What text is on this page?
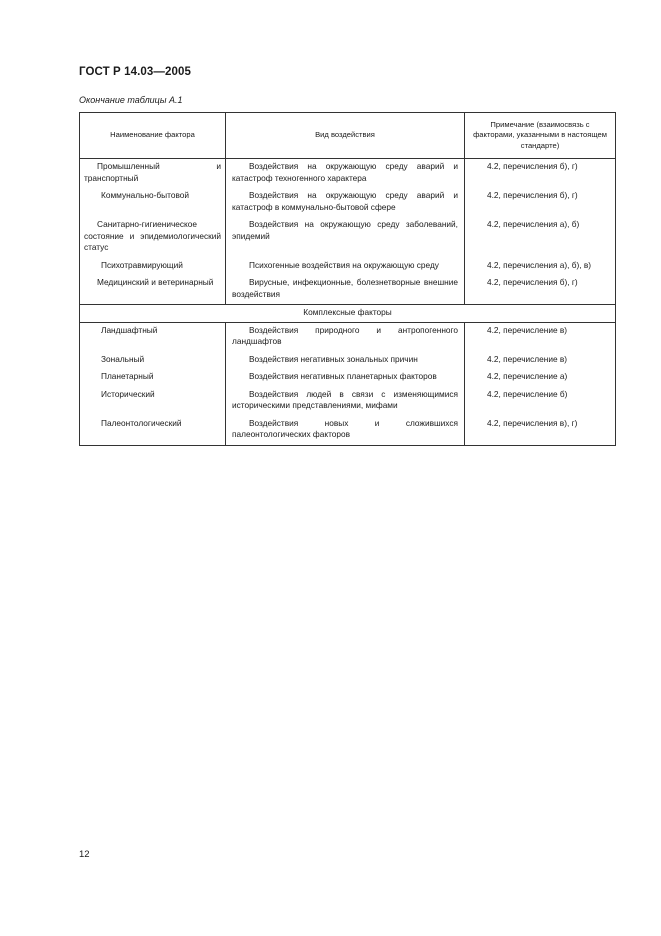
ГОСТ Р 14.03—2005
Окончание таблицы А.1
Наименование фактора	Вид воздействия	Примечание (взаимосвязь с факторами, указанными в настоящем стандарте)

Промышленный и транспортный	Воздействия на окружающую среду аварий и катастроф техногенного характера	4.2, перечисления б), г)

Коммунально-бытовой	Воздействия на окружающую среду аварий и катастроф в коммунально-бытовой сфере	4.2, перечисления б), г)

Санитарно-гигиеническое состояние и эпидемиологический статус	Воздействия на окружающую среду заболеваний, эпидемий	4.2, перечисления а), б)

Психотравмирующий	Психогенные воздействия на окружающую среду	4.2, перечисления а), б), в)

Медицинский и ветеринарный	Вирусные, инфекционные, болезнетворные внешние воздействия	4.2, перечисления б), г)

Комплексные факторы		

Ландшафтный	Воздействия природного и антропогенного ландшафтов	4.2, перечисление в)

Зональный	Воздействия негативных зональных причин	4.2, перечисление в)

Планетарный	Воздействия негативных планетарных факторов	4.2, перечисление а)

Исторический	Воздействия людей в связи с изменяющимися историческими представлениями, мифами	4.2, перечисление б)

Палеонтологический	Воздействия новых и сложившихся палеонтологических факторов	4.2, перечисления в), г)
12
